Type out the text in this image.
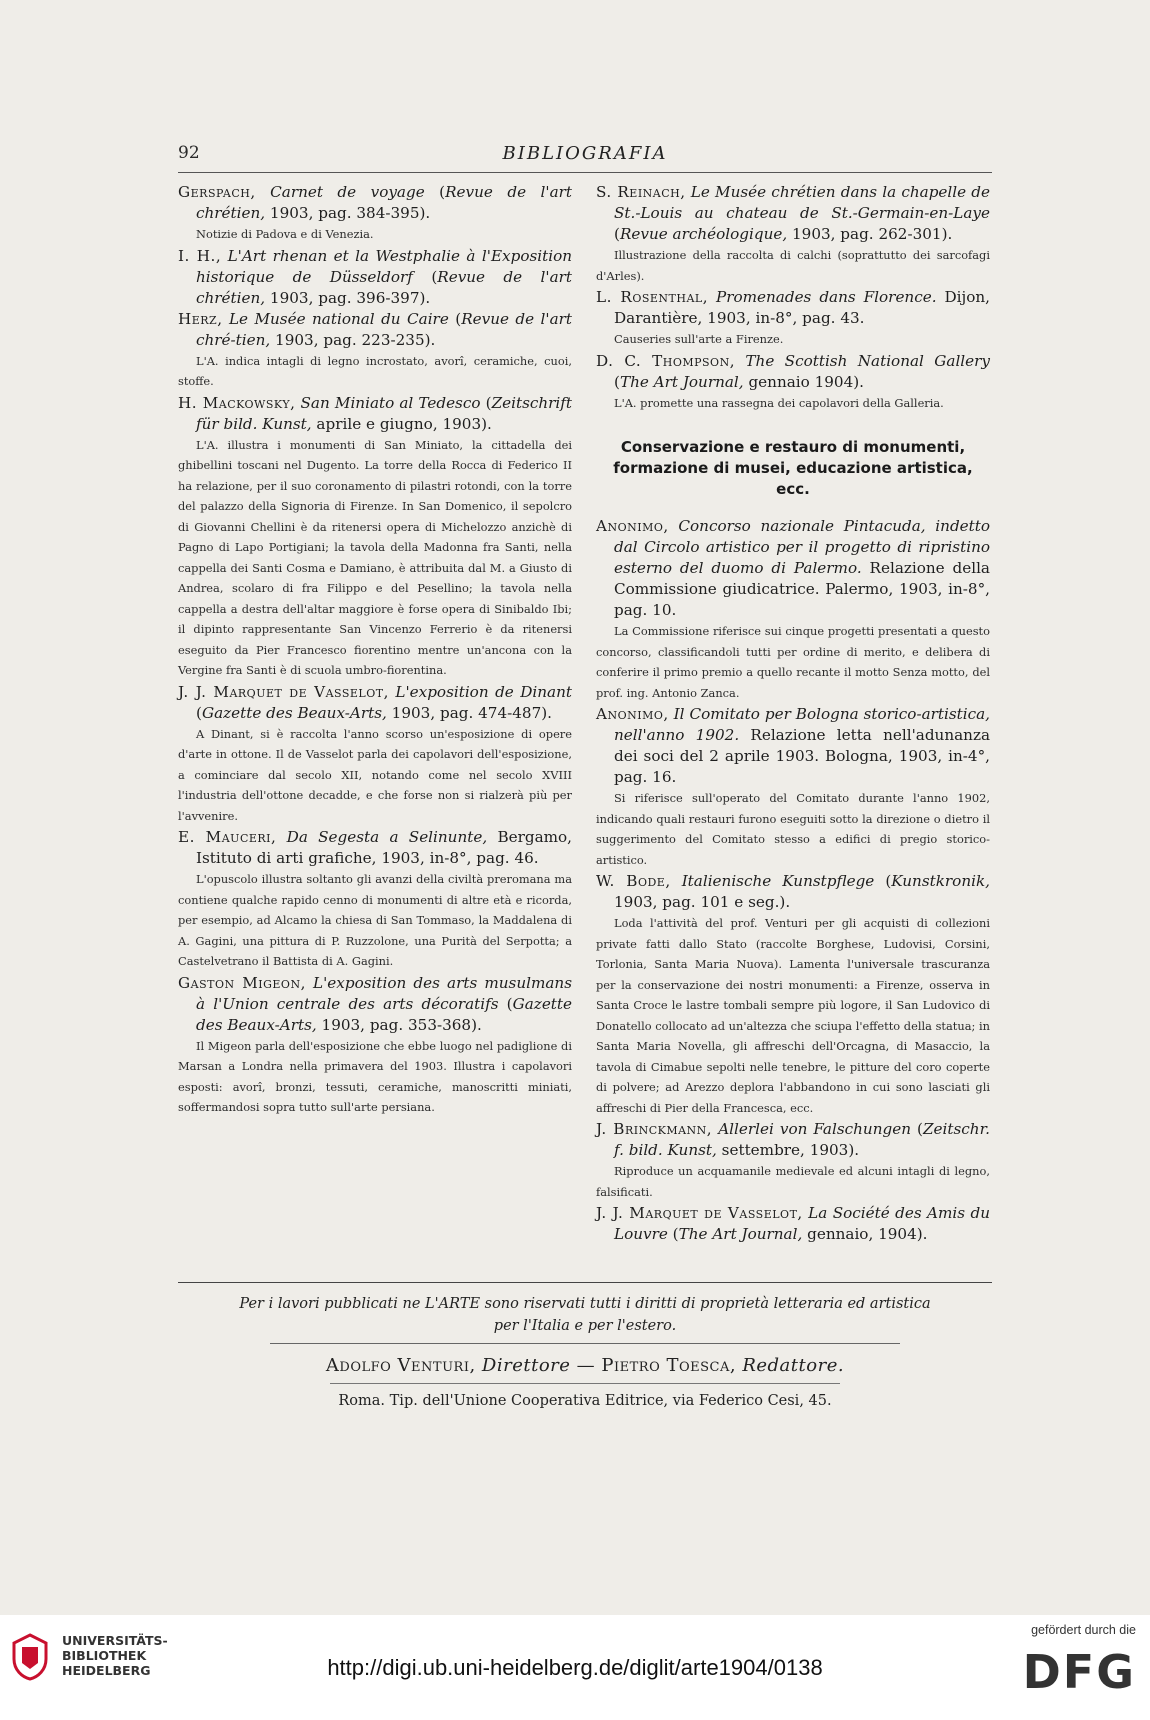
92	BIBLIOGRAFIA

Gerspach, Carnet de voyage (Revue de l'art chrétien, 1903, pag. 384-395).

Notizie di Padova e di Venezia.

I. H., L'Art rhenan et la Westphalie à l'Exposition historique de Düsseldorf (Revue de l'art chrétien, 1903, pag. 396-397).

Herz, Le Musée national du Caire (Revue de l'art chré-tien, 1903, pag. 223-235).

L'A. indica intagli di legno incrostato, avorî, ceramiche, cuoi, stoffe.

H. Mackowsky, San Miniato al Tedesco (Zeitschrift für bild. Kunst, aprile e giugno, 1903).

L'A. illustra i monumenti di San Miniato, la cittadella dei ghibellini toscani nel Dugento. La torre della Rocca di Federico II ha relazione, per il suo coronamento di pilastri rotondi, con la torre del palazzo della Signoria di Firenze. In San Domenico, il sepolcro di Giovanni Chellini è da ritenersi opera di Michelozzo anzichè di Pagno di Lapo Portigiani; la tavola della Madonna fra Santi, nella cappella dei Santi Cosma e Damiano, è attribuita dal M. a Giusto di Andrea, scolaro di fra Filippo e del Pesellino; la tavola nella cappella a destra dell'altar maggiore è forse opera di Sinibaldo Ibi; il dipinto rappresentante San Vincenzo Ferrerio è da ritenersi eseguito da Pier Francesco fiorentino mentre un'ancona con la Vergine fra Santi è di scuola umbro-fiorentina.

J. J. Marquet de Vasselot, L'exposition de Dinant (Gazette des Beaux-Arts, 1903, pag. 474-487).

A Dinant, si è raccolta l'anno scorso un'esposizione di opere d'arte in ottone. Il de Vasselot parla dei capolavori dell'esposizione, a cominciare dal secolo XII, notando come nel secolo XVIII l'industria dell'ottone decadde, e che forse non si rialzerà più per l'avvenire.

E. Mauceri, Da Segesta a Selinunte, Bergamo, Istituto di arti grafiche, 1903, in-8°, pag. 46.

L'opuscolo illustra soltanto gli avanzi della civiltà preromana ma contiene qualche rapido cenno di monumenti di altre età e ricorda, per esempio, ad Alcamo la chiesa di San Tommaso, la Maddalena di A. Gagini, una pittura di P. Ruzzolone, una Purità del Serpotta; a Castelvetrano il Battista di A. Gagini.

Gaston Migeon, L'exposition des arts musulmans à l'Union centrale des arts décoratifs (Gazette des Beaux-Arts, 1903, pag. 353-368).

Il Migeon parla dell'esposizione che ebbe luogo nel padiglione di Marsan a Londra nella primavera del 1903. Illustra i capolavori esposti: avorî, bronzi, tessuti, ceramiche, manoscritti miniati, soffermandosi sopra tutto sull'arte persiana.

S. Reinach, Le Musée chrétien dans la chapelle de St.-Louis au chateau de St.-Germain-en-Laye (Revue archéologique, 1903, pag. 262-301).

Illustrazione della raccolta di calchi (soprattutto dei sarcofagi d'Arles).

L. Rosenthal, Promenades dans Florence. Dijon, Darantière, 1903, in-8°, pag. 43.

Causeries sull'arte a Firenze.

D. C. Thompson, The Scottish National Gallery (The Art Journal, gennaio 1904).

L'A. promette una rassegna dei capolavori della Galleria.

Conservazione e restauro di monumenti, formazione di musei, educazione artistica, ecc.

Anonimo, Concorso nazionale Pintacuda, indetto dal Circolo artistico per il progetto di ripristino esterno del duomo di Palermo. Relazione della Commissione giudicatrice. Palermo, 1903, in-8°, pag. 10.

La Commissione riferisce sui cinque progetti presentati a questo concorso, classificandoli tutti per ordine di merito, e delibera di conferire il primo premio a quello recante il motto Senza motto, del prof. ing. Antonio Zanca.

Anonimo, Il Comitato per Bologna storico-artistica, nell'anno 1902. Relazione letta nell'adunanza dei soci del 2 aprile 1903. Bologna, 1903, in-4°, pag. 16.

Si riferisce sull'operato del Comitato durante l'anno 1902, indicando quali restauri furono eseguiti sotto la direzione o dietro il suggerimento del Comitato stesso a edifici di pregio storico-artistico.

W. Bode, Italienische Kunstpflege (Kunstkronik, 1903, pag. 101 e seg.).

Loda l'attività del prof. Venturi per gli acquisti di collezioni private fatti dallo Stato (raccolte Borghese, Ludovisi, Corsini, Torlonia, Santa Maria Nuova). Lamenta l'universale trascuranza per la conservazione dei nostri monumenti: a Firenze, osserva in Santa Croce le lastre tombali sempre più logore, il San Ludovico di Donatello collocato ad un'altezza che sciupa l'effetto della statua; in Santa Maria Novella, gli affreschi dell'Orcagna, di Masaccio, la tavola di Cimabue sepolti nelle tenebre, le pitture del coro coperte di polvere; ad Arezzo deplora l'abbandono in cui sono lasciati gli affreschi di Pier della Francesca, ecc.

J. Brinckmann, Allerlei von Falschungen (Zeitschr. f. bild. Kunst, settembre, 1903).

Riproduce un acquamanile medievale ed alcuni intagli di legno, falsificati.

J. J. Marquet de Vasselot, La Société des Amis du Louvre (The Art Journal, gennaio, 1904).

Per i lavori pubblicati ne L'ARTE sono riservati tutti i diritti di proprietà letteraria ed artistica
per l'Italia e per l'estero.
Adolfo Venturi, Direttore — Pietro Toesca, Redattore.
Roma. Tip. dell'Unione Cooperativa Editrice, via Federico Cesi, 45.
UNIVERSITÄTS-
BIBLIOTHEK
HEIDELBERG	http://digi.ub.uni-heidelberg.de/diglit/arte1904/0138
gefördert durch die
DFG
